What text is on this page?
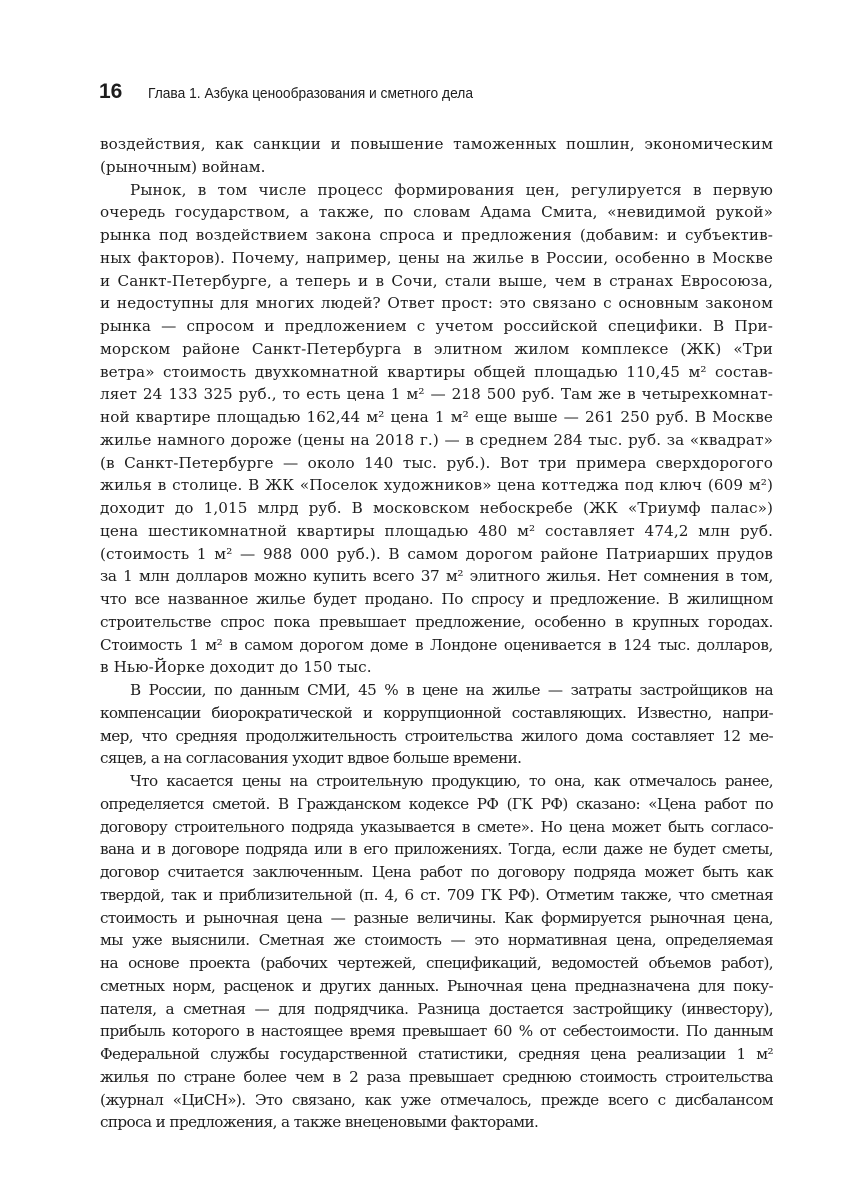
16 Глава 1. Азбука ценообразования и сметного дела

воздействия, как санкции и повышение таможенных пошлин, экономическим

(рыночным) войнам.

Рынок, в том числе процесс формирования цен, регулируется в первую

очередь государством, а также, по словам Адама Смита, «невидимой рукой»

рынка под воздействием закона спроса и предложения (добавим: и субъектив-

ных факторов). Почему, например, цены на жилье в России, особенно в Москве

и Санкт-Петербурге, а теперь и в Сочи, стали выше, чем в странах Евросоюза,

и недоступны для многих людей? Ответ прост: это связано с основным законом

рынка — спросом и предложением с учетом российской специфики. В При-

морском районе Санкт-Петербурга в элитном жилом комплексе (ЖК) «Три

ветра» стоимость двухкомнатной квартиры общей площадью 110,45 м² состав-

ляет 24 133 325 руб., то есть цена 1 м² — 218 500 руб. Там же в четырехкомнат-

ной квартире площадью 162,44 м² цена 1 м² еще выше — 261 250 руб. В Москве

жилье намного дороже (цены на 2018 г.) — в среднем 284 тыс. руб. за «квадрат»

(в Санкт-Петербурге — около 140 тыс. руб.). Вот три примера сверхдорогого

жилья в столице. В ЖК «Поселок художников» цена коттеджа под ключ (609 м²)

доходит до 1,015 млрд руб. В московском небоскребе (ЖК «Триумф палас»)

цена шестикомнатной квартиры площадью 480 м² составляет 474,2 млн руб.

(стоимость 1 м² — 988 000 руб.). В самом дорогом районе Патриарших прудов

за 1 млн долларов можно купить всего 37 м² элитного жилья. Нет сомнения в том,

что все названное жилье будет продано. По спросу и предложение. В жилищном

строительстве спрос пока превышает предложение, особенно в крупных городах.

Стоимость 1 м² в самом дорогом доме в Лондоне оценивается в 124 тыс. долларов,

в Нью-Йорке доходит до 150 тыс.

В России, по данным СМИ, 45 % в цене на жилье — затраты застройщиков на

компенсации биорократической и коррупционной составляющих. Известно, напри-

мер, что средняя продолжительность строительства жилого дома составляет 12 ме-

сяцев, а на согласования уходит вдвое больше времени.

Что касается цены на строительную продукцию, то она, как отмечалось ранее,

определяется сметой. В Гражданском кодексе РФ (ГК РФ) сказано: «Цена работ по

договору строительного подряда указывается в смете». Но цена может быть согласо-

вана и в договоре подряда или в его приложениях. Тогда, если даже не будет сметы,

договор считается заключенным. Цена работ по договору подряда может быть как

твердой, так и приблизительной (п. 4, 6 ст. 709 ГК РФ). Отметим также, что сметная

стоимость и рыночная цена — разные величины. Как формируется рыночная цена,

мы уже выяснили. Сметная же стоимость — это нормативная цена, определяемая

на основе проекта (рабочих чертежей, спецификаций, ведомостей объемов работ),

сметных норм, расценок и других данных. Рыночная цена предназначена для поку-

пателя, а сметная — для подрядчика. Разница достается застройщику (инвестору),

прибыль которого в настоящее время превышает 60 % от себестоимости. По данным

Федеральной службы государственной статистики, средняя цена реализации 1 м²

жилья по стране более чем в 2 раза превышает среднюю стоимость строительства

(журнал «ЦиСН»). Это связано, как уже отмечалось, прежде всего с дисбалансом

спроса и предложения, а также внеценовыми факторами.
